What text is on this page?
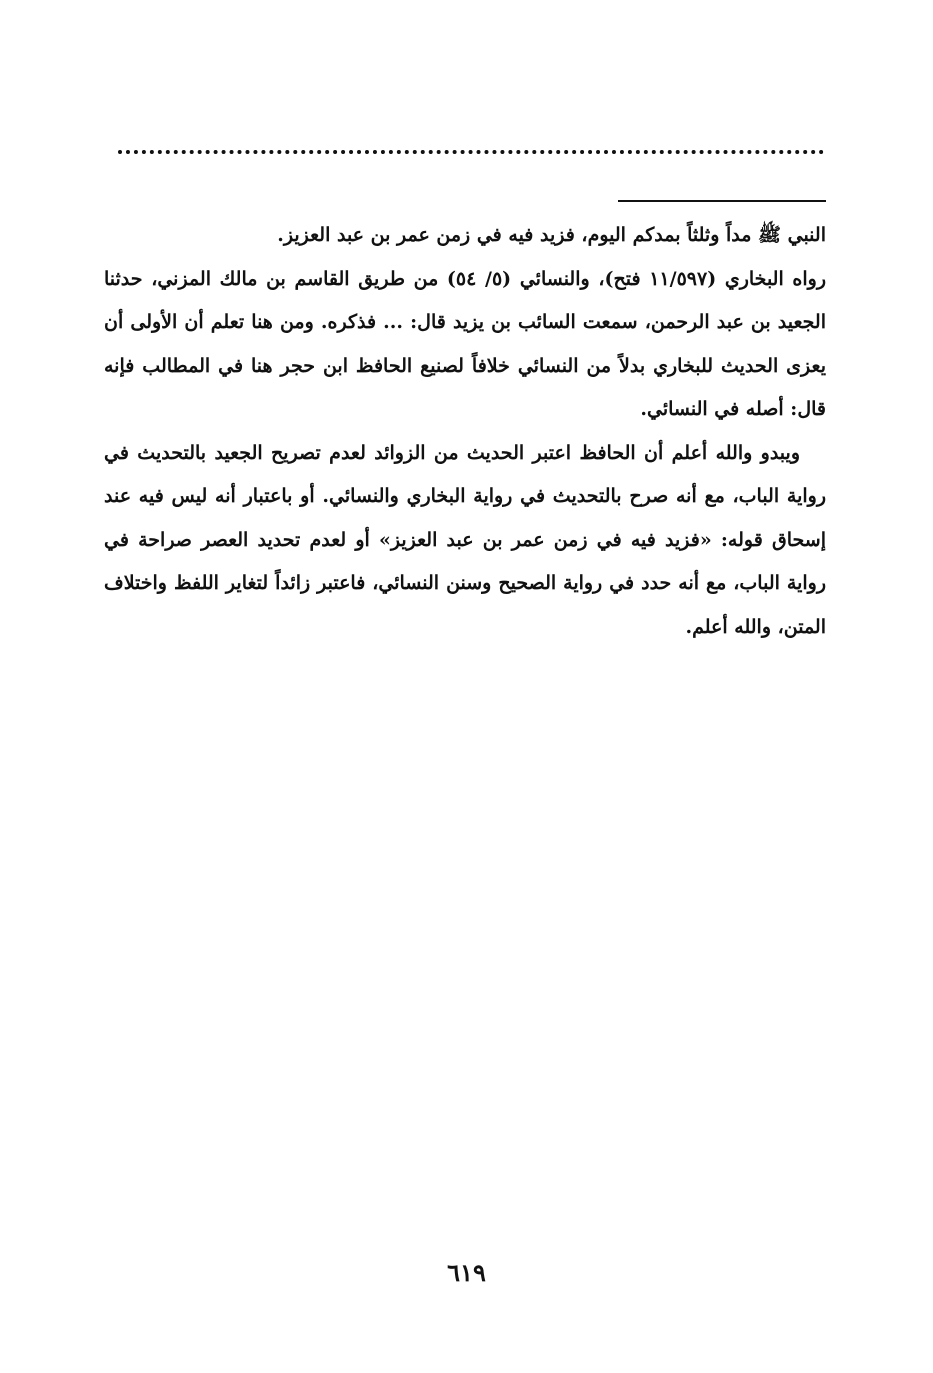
النبي ﷺ مداً وثلثاً بمدكم اليوم، فزيد فيه في زمن عمر بن عبد العزيز.

رواه البخاري (١١/٥٩٧ فتح)، والنسائي (٥/ ٥٤) من طريق القاسم بن مالك المزني، حدثنا الجعيد بن عبد الرحمن، سمعت السائب بن يزيد قال: ... فذكره. ومن هنا تعلم أن الأولى أن يعزى الحديث للبخاري بدلاً من النسائي خلافاً لصنيع الحافظ ابن حجر هنا في المطالب فإنه قال: أصله في النسائي.

ويبدو والله أعلم أن الحافظ اعتبر الحديث من الزوائد لعدم تصريح الجعيد بالتحديث في رواية الباب، مع أنه صرح بالتحديث في رواية البخاري والنسائي. أو باعتبار أنه ليس فيه عند إسحاق قوله: «فزيد فيه في زمن عمر بن عبد العزيز» أو لعدم تحديد العصر صراحة في رواية الباب، مع أنه حدد في رواية الصحيح وسنن النسائي، فاعتبر زائداً لتغاير اللفظ واختلاف المتن، والله أعلم.

٦١٩
